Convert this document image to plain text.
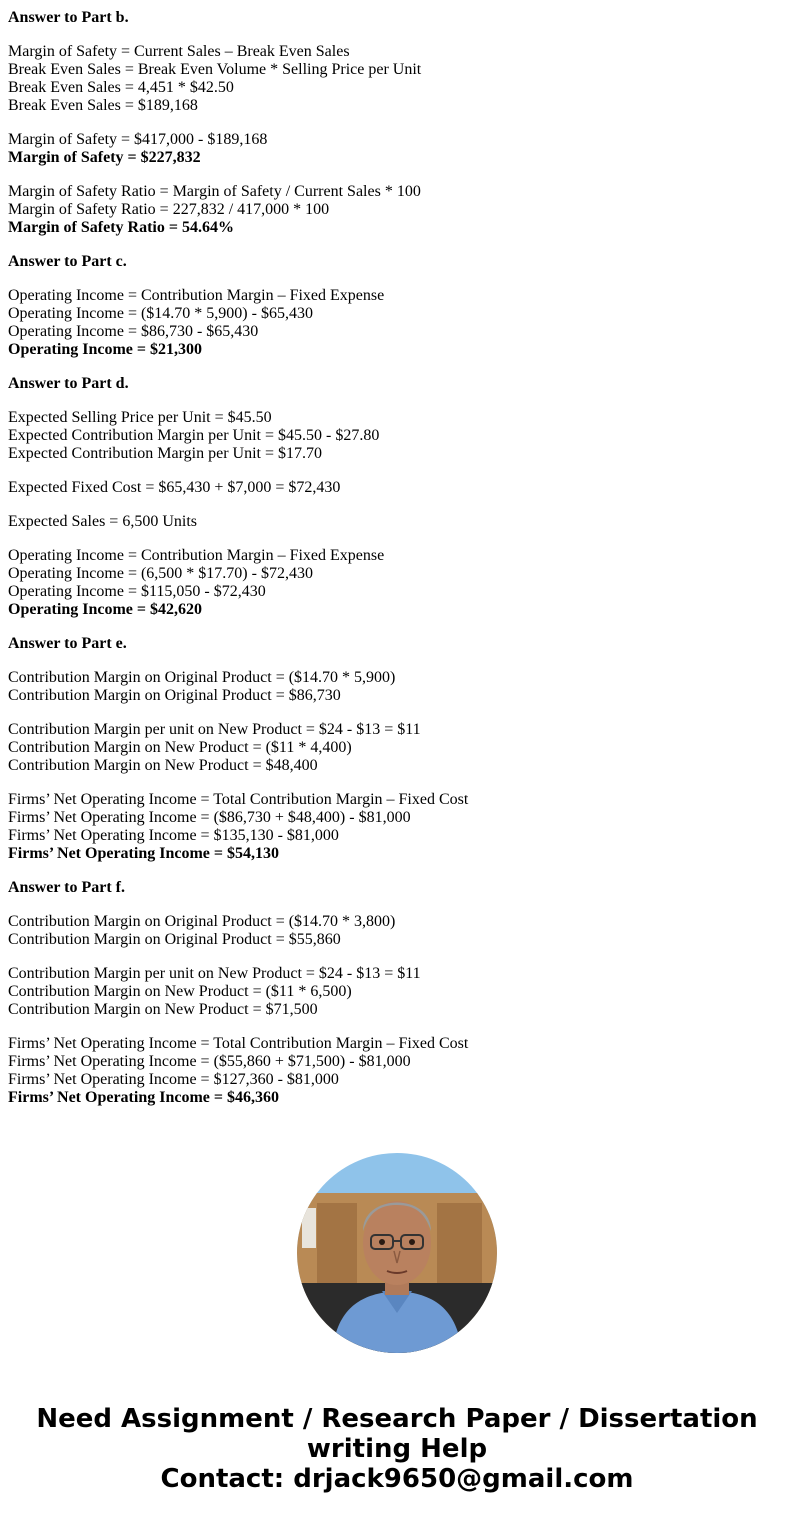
Answer to Part b.
Margin of Safety = Current Sales – Break Even Sales
Break Even Sales = Break Even Volume * Selling Price per Unit
Break Even Sales = 4,451 * $42.50
Break Even Sales = $189,168
Margin of Safety = $417,000 - $189,168
Margin of Safety = $227,832
Margin of Safety Ratio = Margin of Safety / Current Sales * 100
Margin of Safety Ratio = 227,832 / 417,000 * 100
Margin of Safety Ratio = 54.64%
Answer to Part c.
Operating Income = Contribution Margin – Fixed Expense
Operating Income = ($14.70 * 5,900) - $65,430
Operating Income = $86,730 - $65,430
Operating Income = $21,300
Answer to Part d.
Expected Selling Price per Unit = $45.50
Expected Contribution Margin per Unit = $45.50 - $27.80
Expected Contribution Margin per Unit = $17.70
Expected Fixed Cost = $65,430 + $7,000 = $72,430
Expected Sales = 6,500 Units
Operating Income = Contribution Margin – Fixed Expense
Operating Income = (6,500 * $17.70) - $72,430
Operating Income = $115,050 - $72,430
Operating Income = $42,620
Answer to Part e.
Contribution Margin on Original Product = ($14.70 * 5,900)
Contribution Margin on Original Product = $86,730
Contribution Margin per unit on New Product = $24 - $13 = $11
Contribution Margin on New Product = ($11 * 4,400)
Contribution Margin on New Product = $48,400
Firms’ Net Operating Income = Total Contribution Margin – Fixed Cost
Firms’ Net Operating Income = ($86,730 + $48,400) - $81,000
Firms’ Net Operating Income = $135,130 - $81,000
Firms’ Net Operating Income = $54,130
Answer to Part f.
Contribution Margin on Original Product = ($14.70 * 3,800)
Contribution Margin on Original Product = $55,860
Contribution Margin per unit on New Product = $24 - $13 = $11
Contribution Margin on New Product = ($11 * 6,500)
Contribution Margin on New Product = $71,500
Firms’ Net Operating Income = Total Contribution Margin – Fixed Cost
Firms’ Net Operating Income = ($55,860 + $71,500) - $81,000
Firms’ Net Operating Income = $127,360 - $81,000
Firms’ Net Operating Income = $46,360
Need Assignment / Research Paper / Dissertation
writing Help
Contact: drjack9650@gmail.com
